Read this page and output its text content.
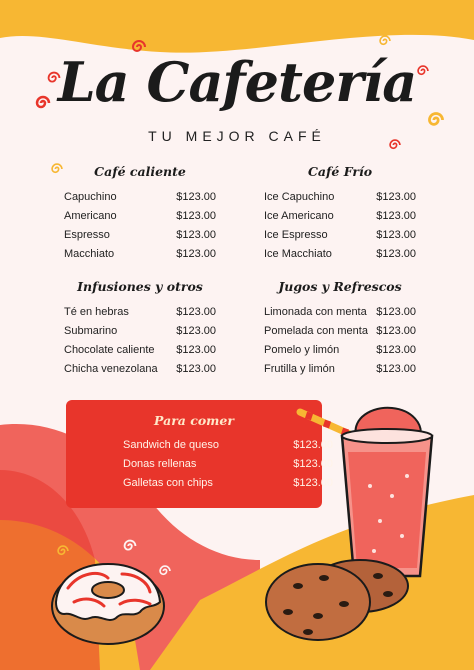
La Cafetería
TU MEJOR CAFÉ
Café caliente
Capuchino	$123.00
Americano	$123.00
Espresso	$123.00
Macchiato	$123.00
Café Frío
Ice Capuchino	$123.00
Ice Americano	$123.00
Ice Espresso	$123.00
Ice Macchiato	$123.00
Infusiones y otros
Té en hebras	$123.00
Submarino	$123.00
Chocolate caliente $123.00
Chicha venezolana $123.00
Jugos y Refrescos
Limonada con menta $123.00
Pomelada con menta $123.00
Pomelo y limón	$123.00
Frutilla y limón	$123.00
Para comer
Sandwich de queso	$123.00
Donas rellenas	$123.00
Galletas con chips	$123.00
